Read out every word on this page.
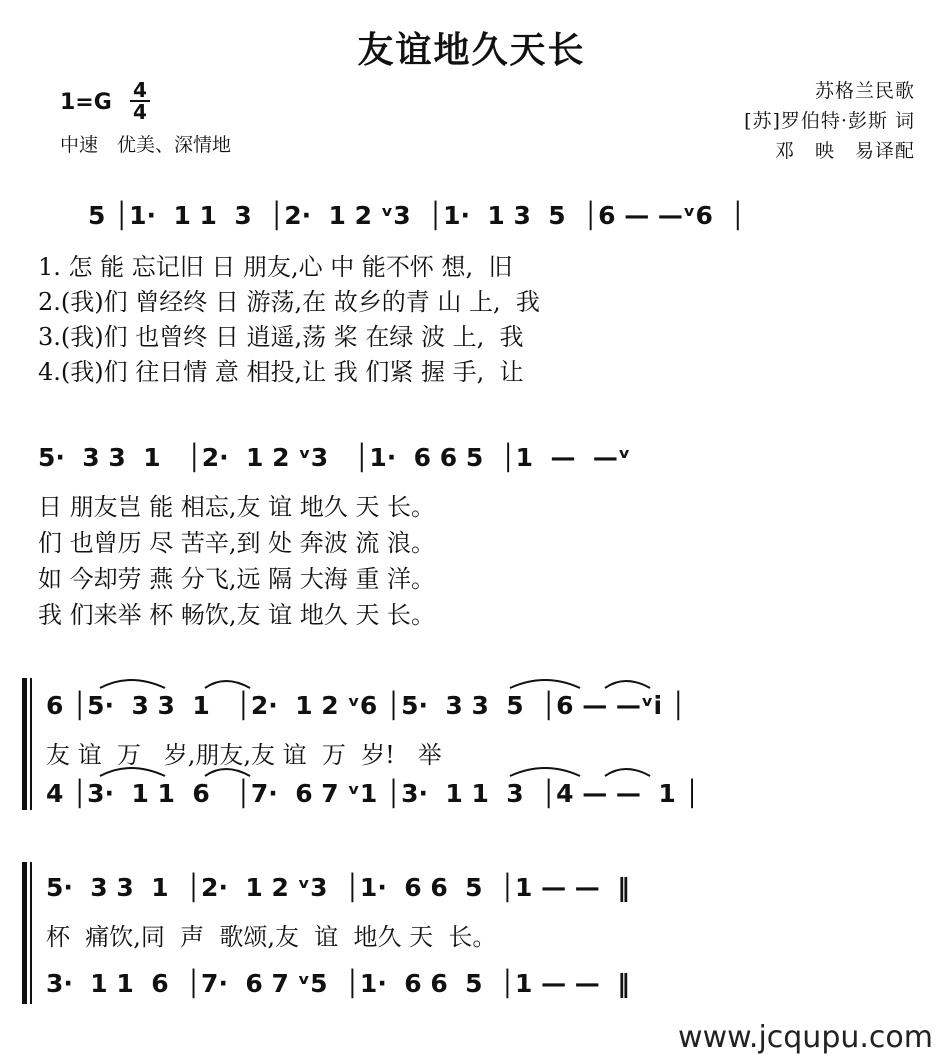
友谊地久天长
1=G 4
4
中速　优美、深情地
苏格兰民歌
[苏]罗伯特·彭斯 词
邓　映　易译配
5 │1·  1 1  3  │2·  1 2 ᵛ3  │1·  1 3  5  │6 — —ᵛ6  │
1. 怎 能 忘记旧 日 朋友,心 中 能不怀 想,  旧
2.(我)们 曾经终 日 游荡,在 故乡的青 山 上,  我
3.(我)们 也曾终 日 逍遥,荡 桨 在绿 波 上,  我
4.(我)们 往日情 意 相投,让 我 们紧 握 手,  让
5·  3 3  1   │2·  1 2 ᵛ3   │1·  6 6 5  │1  —  —ᵛ
日 朋友岂 能 相忘,友 谊 地久 天 长。
们 也曾历 尽 苦辛,到 处 奔波 流 浪。
如 今却劳 燕 分飞,远 隔 大海 重 洋。
我 们来举 杯 畅饮,友 谊 地久 天 长。
6 │5·  3 3  1   │2·  1 2 ᵛ6 │5·  3 3  5  │6 — —ᵛi │
友 谊  万   岁,朋友,友 谊  万  岁!   举
4 │3·  1 1  6   │7·  6 7 ᵛ1 │3·  1 1  3  │4 — —  1 │
5·  3 3  1  │2·  1 2 ᵛ3  │1·  6 6  5  │1 — —  ‖
杯  痛饮,同  声  歌颂,友  谊  地久 天  长。
3·  1 1  6  │7·  6 7 ᵛ5  │1·  6 6  5  │1 — —  ‖
www.jcqupu.com
